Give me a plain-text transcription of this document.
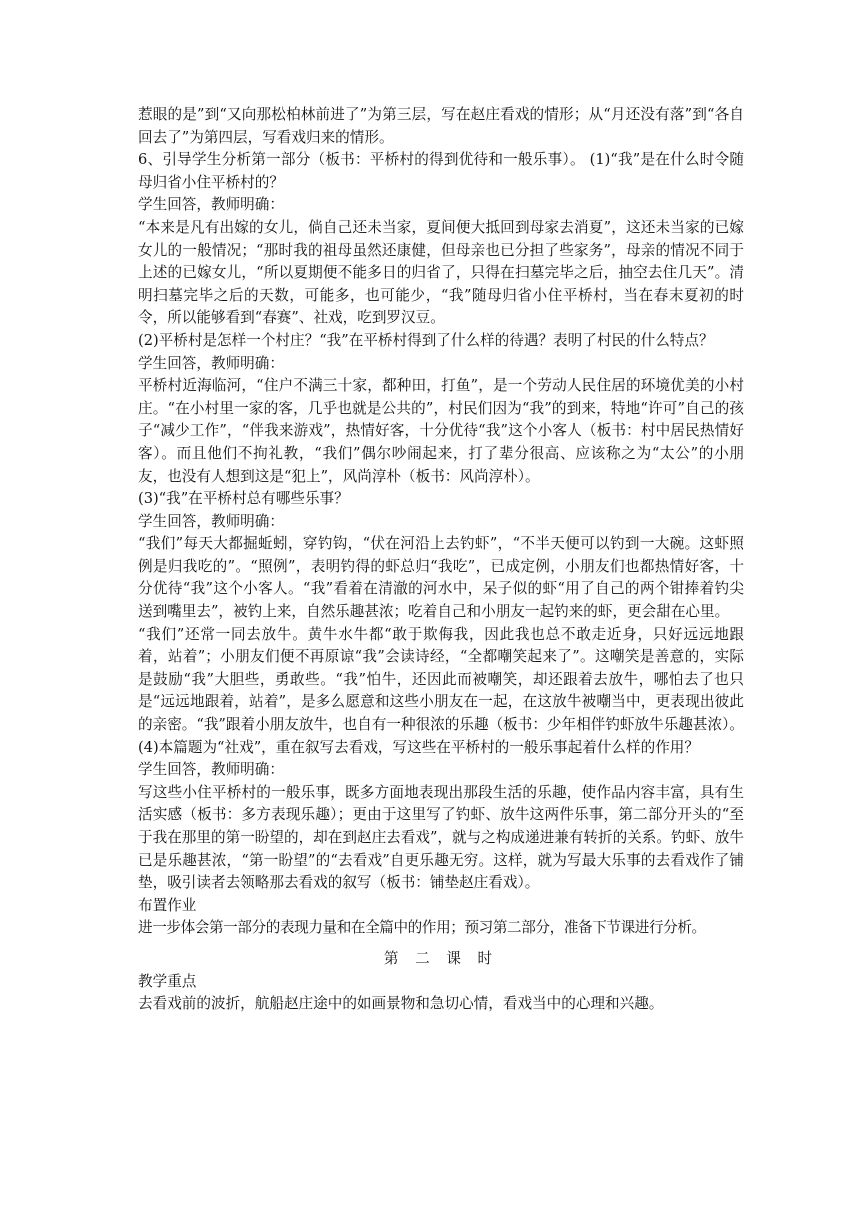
惹眼的是”到“又向那松柏林前进了”为第三层，写在赵庄看戏的情形；从“月还没有落”到“各自回去了”为第四层，写看戏归来的情形。

6、引导学生分析第一部分（板书：平桥村的得到优待和一般乐事）。 (1)“我”是在什么时令随母归省小住平桥村的？

学生回答，教师明确：

“本来是凡有出嫁的女儿，倘自己还未当家，夏间便大抵回到母家去消夏”，这还未当家的已嫁女儿的一般情况；“那时我的祖母虽然还康健，但母亲也已分担了些家务”，母亲的情况不同于上述的已嫁女儿，“所以夏期便不能多日的归省了，只得在扫墓完毕之后，抽空去住几天”。清明扫墓完毕之后的天数，可能多，也可能少，“我”随母归省小住平桥村，当在春末夏初的时令，所以能够看到“春赛”、社戏，吃到罗汉豆。

(2)平桥村是怎样一个村庄？“我”在平桥村得到了什么样的待遇？表明了村民的什么特点？

学生回答，教师明确：

平桥村近海临河，“住户不满三十家，都种田，打鱼”，是一个劳动人民住居的环境优美的小村庄。“在小村里一家的客，几乎也就是公共的”，村民们因为“我”的到来，特地“许可”自己的孩子“减少工作”，“伴我来游戏”，热情好客，十分优待“我”这个小客人（板书：村中居民热情好客）。而且他们不拘礼教，“我们”偶尔吵闹起来，打了辈分很高、应该称之为“太公”的小朋友，也没有人想到这是“犯上”，风尚淳朴（板书：风尚淳朴）。

(3)“我”在平桥村总有哪些乐事？

学生回答，教师明确：

“我们”每天大都掘蚯蚓，穿钓钩，“伏在河沿上去钓虾”，“不半天便可以钓到一大碗。这虾照例是归我吃的”。“照例”，表明钓得的虾总归“我吃”，已成定例，小朋友们也都热情好客，十分优待“我”这个小客人。“我”看着在清澈的河水中，呆子似的虾“用了自己的两个钳捧着钓尖送到嘴里去”，被钓上来，自然乐趣甚浓；吃着自己和小朋友一起钓来的虾，更会甜在心里。

“我们”还常一同去放牛。黄牛水牛都“敢于欺侮我，因此我也总不敢走近身，只好远远地跟着，站着”；小朋友们便不再原谅“我”会读诗经，“全都嘲笑起来了”。这嘲笑是善意的，实际是鼓励“我”大胆些，勇敢些。“我”怕牛，还因此而被嘲笑，却还跟着去放牛，哪怕去了也只是“远远地跟着，站着”，是多么愿意和这些小朋友在一起，在这放牛被嘲当中，更表现出彼此的亲密。“我”跟着小朋友放牛，也自有一种很浓的乐趣（板书：少年相伴钓虾放牛乐趣甚浓）。 (4)本篇题为“社戏”，重在叙写去看戏，写这些在平桥村的一般乐事起着什么样的作用？

学生回答，教师明确：

写这些小住平桥村的一般乐事，既多方面地表现出那段生活的乐趣，使作品内容丰富，具有生活实感（板书：多方表现乐趣）；更由于这里写了钓虾、放牛这两件乐事，第二部分开头的“至于我在那里的第一盼望的，却在到赵庄去看戏”，就与之构成递进兼有转折的关系。钓虾、放牛已是乐趣甚浓，“第一盼望”的“去看戏”自更乐趣无穷。这样，就为写最大乐事的去看戏作了铺垫，吸引读者去领略那去看戏的叙写（板书：铺垫赵庄看戏）。

布置作业

进一步体会第一部分的表现力量和在全篇中的作用；预习第二部分，准备下节课进行分析。

第 二 课 时

教学重点

去看戏前的波折，航船赵庄途中的如画景物和急切心情，看戏当中的心理和兴趣。
